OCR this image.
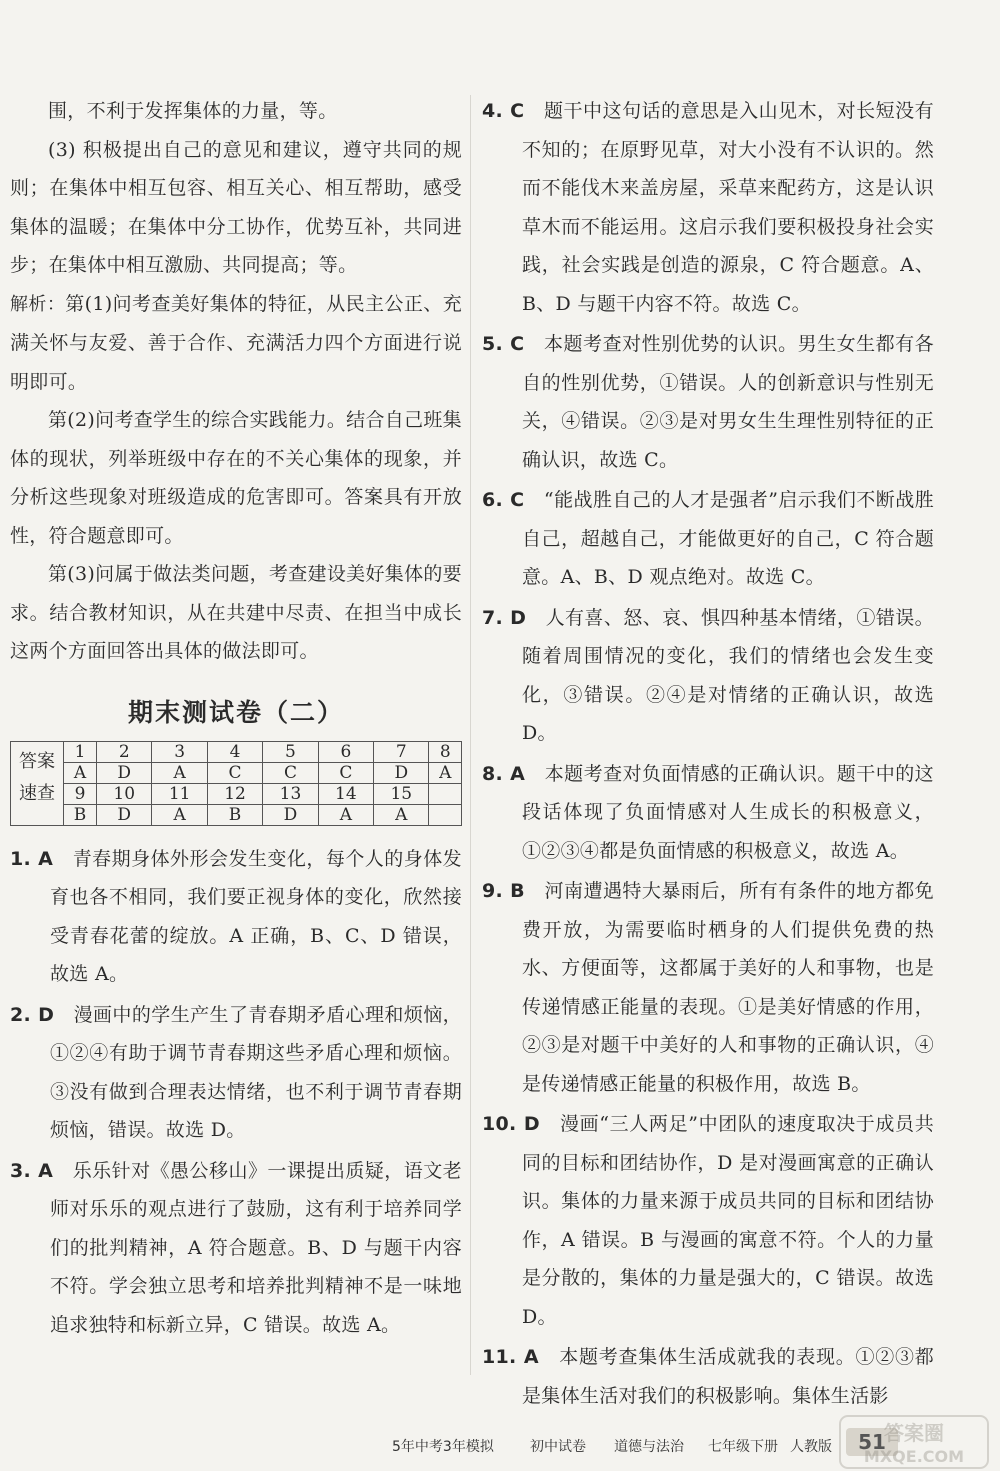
围，不利于发挥集体的力量，等。

(3) 积极提出自己的意见和建议，遵守共同的规则；在集体中相互包容、相互关心、相互帮助，感受集体的温暖；在集体中分工协作，优势互补，共同进步；在集体中相互激励、共同提高；等。

解析：第(1)问考查美好集体的特征，从民主公正、充满关怀与友爱、善于合作、充满活力四个方面进行说明即可。

第(2)问考查学生的综合实践能力。结合自己班集体的现状，列举班级中存在的不关心集体的现象，并分析这些现象对班级造成的危害即可。答案具有开放性，符合题意即可。

第(3)问属于做法类问题，考查建设美好集体的要求。结合教材知识，从在共建中尽责、在担当中成长这两个方面回答出具体的做法即可。

期末测试卷（二）
答案	1	2	3	4	5	6	7	8
	A	D	A	C	C	C	D	A
速查	9	10	11	12	13	14	15	
	B	D	A	B	D	A	A	

1. A 青春期身体外形会发生变化，每个人的身体发育也各不相同，我们要正视身体的变化，欣然接受青春花蕾的绽放。A 正确，B、C、D 错误，故选 A。

2. D 漫画中的学生产生了青春期矛盾心理和烦恼，①②④有助于调节青春期这些矛盾心理和烦恼。③没有做到合理表达情绪，也不利于调节青春期烦恼，错误。故选 D。

3. A 乐乐针对《愚公移山》一课提出质疑，语文老师对乐乐的观点进行了鼓励，这有利于培养同学们的批判精神，A 符合题意。B、D 与题干内容不符。学会独立思考和培养批判精神不是一味地追求独特和标新立异，C 错误。故选 A。

4. C 题干中这句话的意思是入山见木，对长短没有不知的；在原野见草，对大小没有不认识的。然而不能伐木来盖房屋，采草来配药方，这是认识草木而不能运用。这启示我们要积极投身社会实践，社会实践是创造的源泉，C 符合题意。A、B、D 与题干内容不符。故选 C。

5. C 本题考查对性别优势的认识。男生女生都有各自的性别优势，①错误。人的创新意识与性别无关，④错误。②③是对男女生生理性别特征的正确认识，故选 C。

6. C “能战胜自己的人才是强者”启示我们不断战胜自己，超越自己，才能做更好的自己，C 符合题意。A、B、D 观点绝对。故选 C。

7. D 人有喜、怒、哀、惧四种基本情绪，①错误。随着周围情况的变化，我们的情绪也会发生变化，③错误。②④是对情绪的正确认识，故选 D。

8. A 本题考查对负面情感的正确认识。题干中的这段话体现了负面情感对人生成长的积极意义，①②③④都是负面情感的积极意义，故选 A。

9. B 河南遭遇特大暴雨后，所有有条件的地方都免费开放，为需要临时栖身的人们提供免费的热水、方便面等，这都属于美好的人和事物，也是传递情感正能量的表现。①是美好情感的作用，②③是对题干中美好的人和事物的正确认识，④是传递情感正能量的积极作用，故选 B。

10. D 漫画“三人两足”中团队的速度取决于成员共同的目标和团结协作，D 是对漫画寓意的正确认识。集体的力量来源于成员共同的目标和团结协作，A 错误。B 与漫画的寓意不符。个人的力量是分散的，集体的力量是强大的，C 错误。故选 D。

11. A 本题考查集体生活成就我的表现。①②③都是集体生活对我们的积极影响。集体生活影

5年中考3年模拟	初中试卷 道德与法治 七年级下册 人教版	51
答案圈
MXQE.COM
